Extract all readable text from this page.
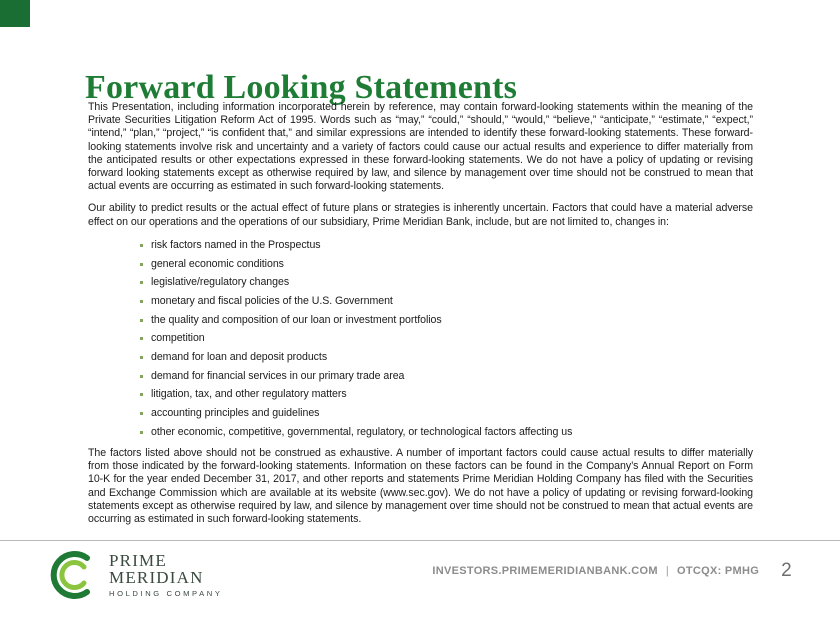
Forward Looking Statements

This Presentation, including information incorporated herein by reference, may contain forward-looking statements within the meaning of the Private Securities Litigation Reform Act of 1995. Words such as “may,” “could,” “should,” “would,” “believe,” “anticipate,” “estimate,” “expect,” “intend,” “plan,” “project,” “is confident that,” and similar expressions are intended to identify these forward-looking statements. These forward-looking statements involve risk and uncertainty and a variety of factors could cause our actual results and experience to differ materially from the anticipated results or other expectations expressed in these forward-looking statements. We do not have a policy of updating or revising forward looking statements except as otherwise required by law, and silence by management over time should not be construed to mean that actual events are occurring as estimated in such forward-looking statements.

Our ability to predict results or the actual effect of future plans or strategies is inherently uncertain. Factors that could have a material adverse effect on our operations and the operations of our subsidiary, Prime Meridian Bank, include, but are not limited to, changes in:

risk factors named in the Prospectus
general economic conditions
legislative/regulatory changes
monetary and fiscal policies of the U.S. Government
the quality and composition of our loan or investment portfolios
competition
demand for loan and deposit products
demand for financial services in our primary trade area
litigation, tax, and other regulatory matters
accounting principles and guidelines
other economic, competitive, governmental, regulatory, or technological factors affecting us

The factors listed above should not be construed as exhaustive. A number of important factors could cause actual results to differ materially from those indicated by the forward-looking statements. Information on these factors can be found in the Company’s Annual Report on Form 10-K for the year ended December 31, 2017, and other reports and statements Prime Meridian Holding Company has filed with the Securities and Exchange Commission which are available at its website (www.sec.gov). We do not have a policy of updating or revising forward-looking statements except as otherwise required by law, and silence by management over time should not be construed to mean that actual events are occurring as estimated in such forward-looking statements.

PRIME
MERIDIAN
HOLDING COMPANY
INVESTORS.PRIMEMERIDIANBANK.COM | OTCQX: PMHG 2
